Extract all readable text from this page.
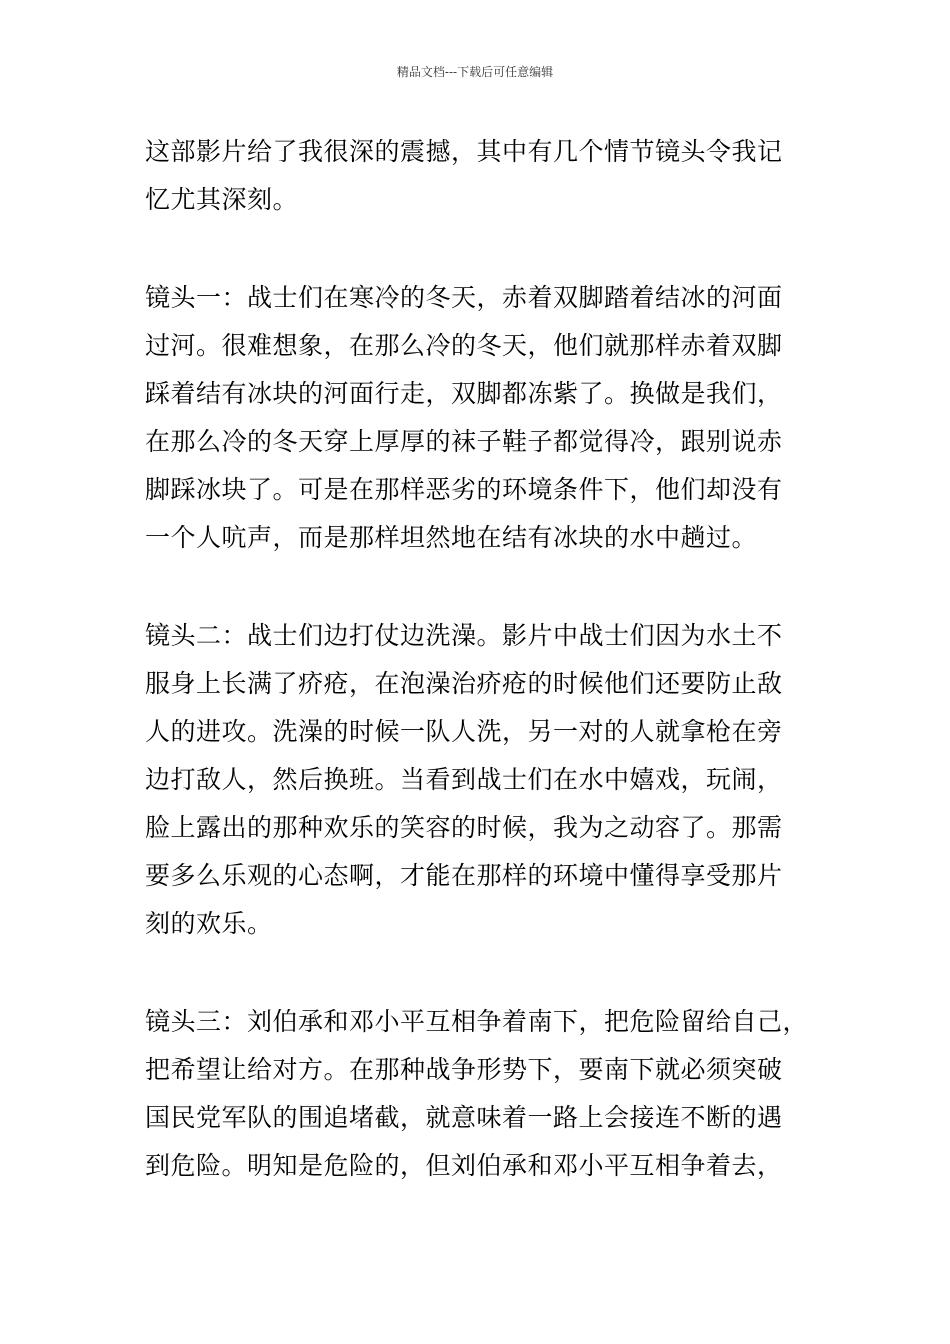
精品文档---下载后可任意编辑
这部影片给了我很深的震撼，其中有几个情节镜头令我记
忆尤其深刻。
镜头一：战士们在寒冷的冬天，赤着双脚踏着结冰的河面
过河。很难想象，在那么冷的冬天，他们就那样赤着双脚
踩着结有冰块的河面行走，双脚都冻紫了。换做是我们，
在那么冷的冬天穿上厚厚的袜子鞋子都觉得冷，跟别说赤
脚踩冰块了。可是在那样恶劣的环境条件下，他们却没有
一个人吭声，而是那样坦然地在结有冰块的水中趟过。
镜头二：战士们边打仗边洗澡。影片中战士们因为水土不
服身上长满了疥疮，在泡澡治疥疮的时候他们还要防止敌
人的进攻。洗澡的时候一队人洗，另一对的人就拿枪在旁
边打敌人，然后换班。当看到战士们在水中嬉戏，玩闹，
脸上露出的那种欢乐的笑容的时候，我为之动容了。那需
要多么乐观的心态啊，才能在那样的环境中懂得享受那片
刻的欢乐。
镜头三：刘伯承和邓小平互相争着南下，把危险留给自己，
把希望让给对方。在那种战争形势下，要南下就必须突破
国民党军队的围追堵截，就意味着一路上会接连不断的遇
到危险。明知是危险的，但刘伯承和邓小平互相争着去，
